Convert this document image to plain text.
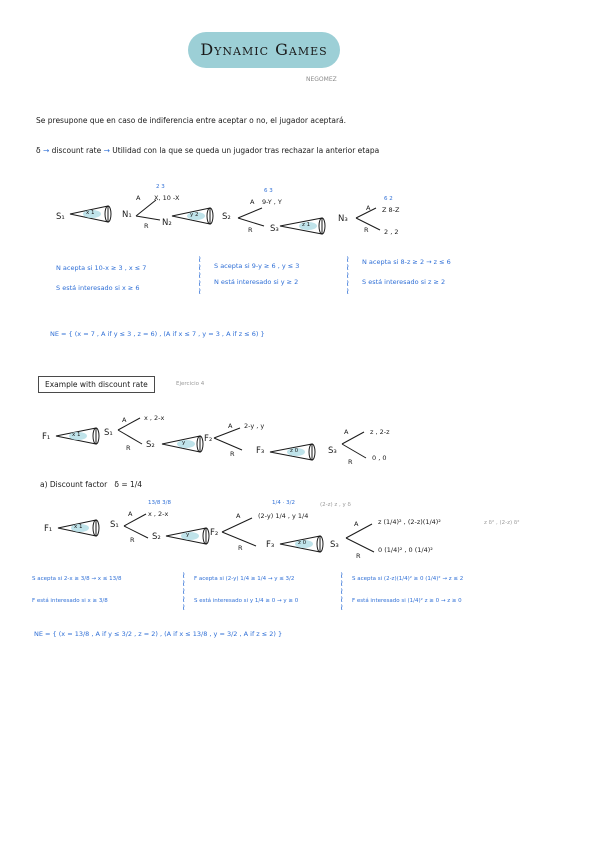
Dynamic Games
NEGOMEZ
Se presupone que en caso de indiferencia entre aceptar o no, el jugador aceptará.
δ → discount rate → Utilidad con la que se queda un jugador tras rechazar la anterior etapa
S₁	x 1	N₁
A
R
2 3
X, 10 -X
N₂
y 2	S₂
A
R
6 3
9-Y , Y
S₃	z 1
N₃
A
R
6 2
Z 8-Z
2 , 2
N acepta si 10-x ≥ 3 , x ≤ 7
S está interesado si x ≥ 6
≀
≀
≀
≀
≀
S acepta si 9-y ≥ 6 , y ≤ 3
N está interesado si y ≥ 2
≀
≀
≀
≀
≀
N acepta si 8-z ≥ 2 → z ≤ 6
S está interesado si z ≥ 2
NE = { (x = 7 , A if y ≤ 3 , z = 6) , (A if x ≤ 7 , y = 3 , A if z ≤ 6) }
Example with discount rate	Ejercicio 4
F₁	x 1	S₁
A
R
x , 2-x
S₂	y F₂
A
R
2-y , y
F₃	z 0	S₃
A
R
z , 2-z
0 , 0
a) Discount factor δ = 1/4
F₁	x 1	S₁
A
R
13/8 3/8
x , 2-x
S₂	y F₂
A
R
1/4 · 3/2
(2-y) 1/4 , y 1/4
(2-z) z , y δ
F₃	z 0	S₃
A
R
z (1/4)² , (2-z)(1/4)²
0 (1/4)² , 0 (1/4)²
z δ² , (2-z) δ²
S acepta si 2-x ≥ 3/8 → x ≤ 13/8
F está interesado si x ≥ 3/8
≀
≀
≀
≀
≀
F acepta si (2-y) 1/4 ≥ 1/4 → y ≤ 3/2
S está interesado si y 1/4 ≥ 0 → y ≥ 0
≀
≀
≀
≀
≀
S acepta si (2-z)(1/4)² ≥ 0 (1/4)² → z ≤ 2
F está interesado si (1/4)² z ≥ 0 → z ≥ 0
NE = { (x = 13/8 , A if y ≤ 3/2 , z = 2) , (A if x ≤ 13/8 , y = 3/2 , A if z ≤ 2) }
